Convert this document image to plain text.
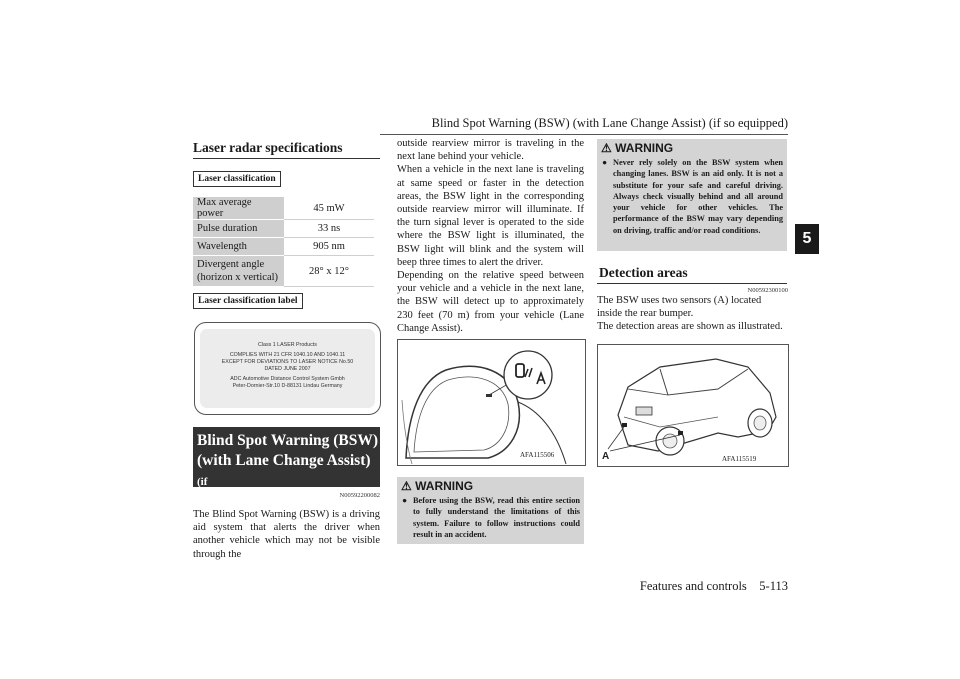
Blind Spot Warning (BSW) (with Lane Change Assist) (if so equipped)
5
Laser radar specifications
Laser classification
Max average power	45 mW
Pulse duration	33 ns
Wavelength	905 nm
Divergent angle (horizon x vertical)	28° x 12°
Laser classification label
Class 1 LASER Products
COMPLIES WITH 21 CFR 1040.10 AND 1040.11
EXCEPT FOR DEVIATIONS TO LASER NOTICE No.50
DATED JUNE 2007
ADC Automotive Distance Control System Gmbh
Peter-Dornier-Str.10 D-88131 Lindau Germany
Blind Spot Warning (BSW)
(with Lane Change Assist) (if
so equipped)	N00592200082
The Blind Spot Warning (BSW) is a driving aid system that alerts the driver when another vehicle which may not be visible through the
outside rearview mirror is traveling in the next lane behind your vehicle.
When a vehicle in the next lane is traveling at same speed or faster in the detection areas, the BSW light in the corresponding outside rearview mirror will illuminate. If the turn signal lever is operated to the side where the BSW light is illuminated, the BSW light will blink and the system will beep three times to alert the driver.
Depending on the relative speed between your vehicle and a vehicle in the next lane, the BSW will detect up to approximately 230 feet (70 m) from your vehicle (Lane Change Assist).
AFA115506
⚠ WARNING
● Before using the BSW, read this entire section to fully understand the limitations of this system. Failure to follow instructions could result in an accident.
⚠ WARNING
● Never rely solely on the BSW system when changing lanes. BSW is an aid only. It is not a substitute for your safe and careful driving. Always check visually behind and all around your vehicle for other vehicles. The performance of the BSW may vary depending on driving, traffic and/or road conditions.
Detection areas
N00592300100
The BSW uses two sensors (A) located inside the rear bumper.
The detection areas are shown as illustrated.
A	AFA115519
Features and controls    5-113
